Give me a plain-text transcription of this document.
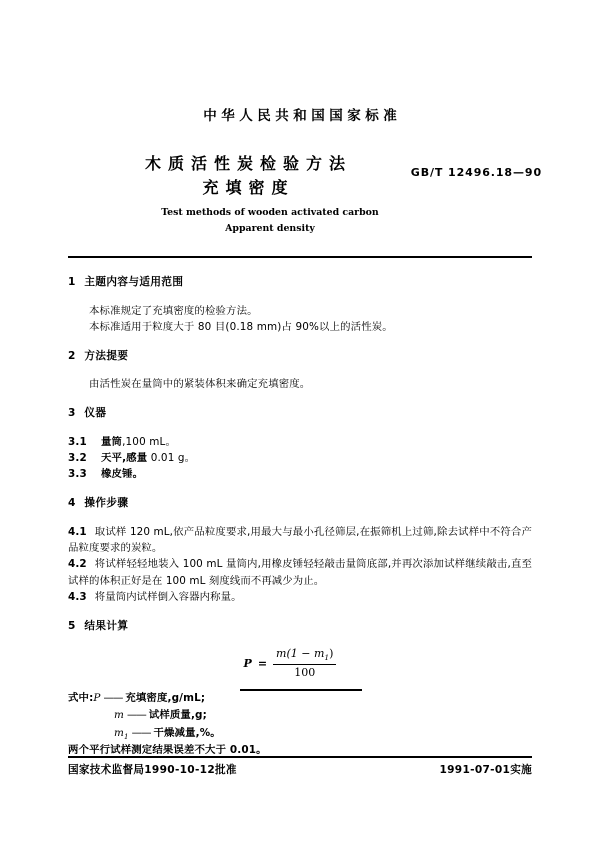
中华人民共和国国家标准
木质活性炭检验方法
充填密度
GB/T 12496.18—90
Test methods of wooden activated carbon
Apparent density
1 主题内容与适用范围

本标准规定了充填密度的检验方法。

本标准适用于粒度大于 80 目(0.18 mm)占 90%以上的活性炭。

2 方法提要

由活性炭在量筒中的紧装体积来确定充填密度。

3 仪器
3.1	量筒,100 mL。
3.2	天平,感量 0.01 g。
3.3	橡皮锤。
4 操作步骤

4.1 取试样 120 mL,依产品粒度要求,用最大与最小孔径筛层,在振筛机上过筛,除去试样中不符合产品粒度要求的炭粒。

4.2 将试样轻轻地装入 100 mL 量筒内,用橡皮锤轻轻敲击量筒底部,并再次添加试样继续敲击,直至试样的体积正好是在 100 mL 刻度线而不再减少为止。

4.3 将量筒内试样倒入容器内称量。

5 结果计算
$P = \frac{m(1 - m_1)}{100}$
式中: P —— 充填密度,g/mL;
m —— 试样质量,g;
$m_1$ —— 干燥减量,%。

两个平行试样测定结果误差不大于 0.01。

国家技术监督局1990-10-12批准	1991-07-01实施
